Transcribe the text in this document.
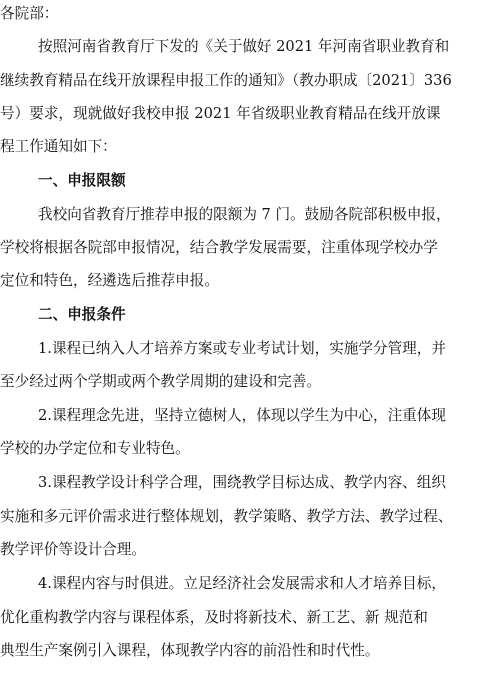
各院部：
按照河南省教育厅下发的《关于做好 2021 年河南省职业教育和
继续教育精品在线开放课程申报工作的通知》（教办职成〔2021〕336
号）要求，现就做好我校申报 2021 年省级职业教育精品在线开放课
程工作通知如下：
一、申报限额
我校向省教育厅推荐申报的限额为 7 门。鼓励各院部积极申报，
学校将根据各院部申报情况，结合教学发展需要，注重体现学校办学
定位和特色，经遴选后推荐申报。
二、申报条件
1.课程已纳入人才培养方案或专业考试计划，实施学分管理，并
至少经过两个学期或两个教学周期的建设和完善。
2.课程理念先进，坚持立德树人，体现以学生为中心，注重体现
学校的办学定位和专业特色。
3.课程教学设计科学合理，围绕教学目标达成、教学内容、组织
实施和多元评价需求进行整体规划，教学策略、教学方法、教学过程、
教学评价等设计合理。
4.课程内容与时俱进。立足经济社会发展需求和人才培养目标，
优化重构教学内容与课程体系，及时将新技术、新工艺、新 规范和
典型生产案例引入课程，体现教学内容的前沿性和时代性。
